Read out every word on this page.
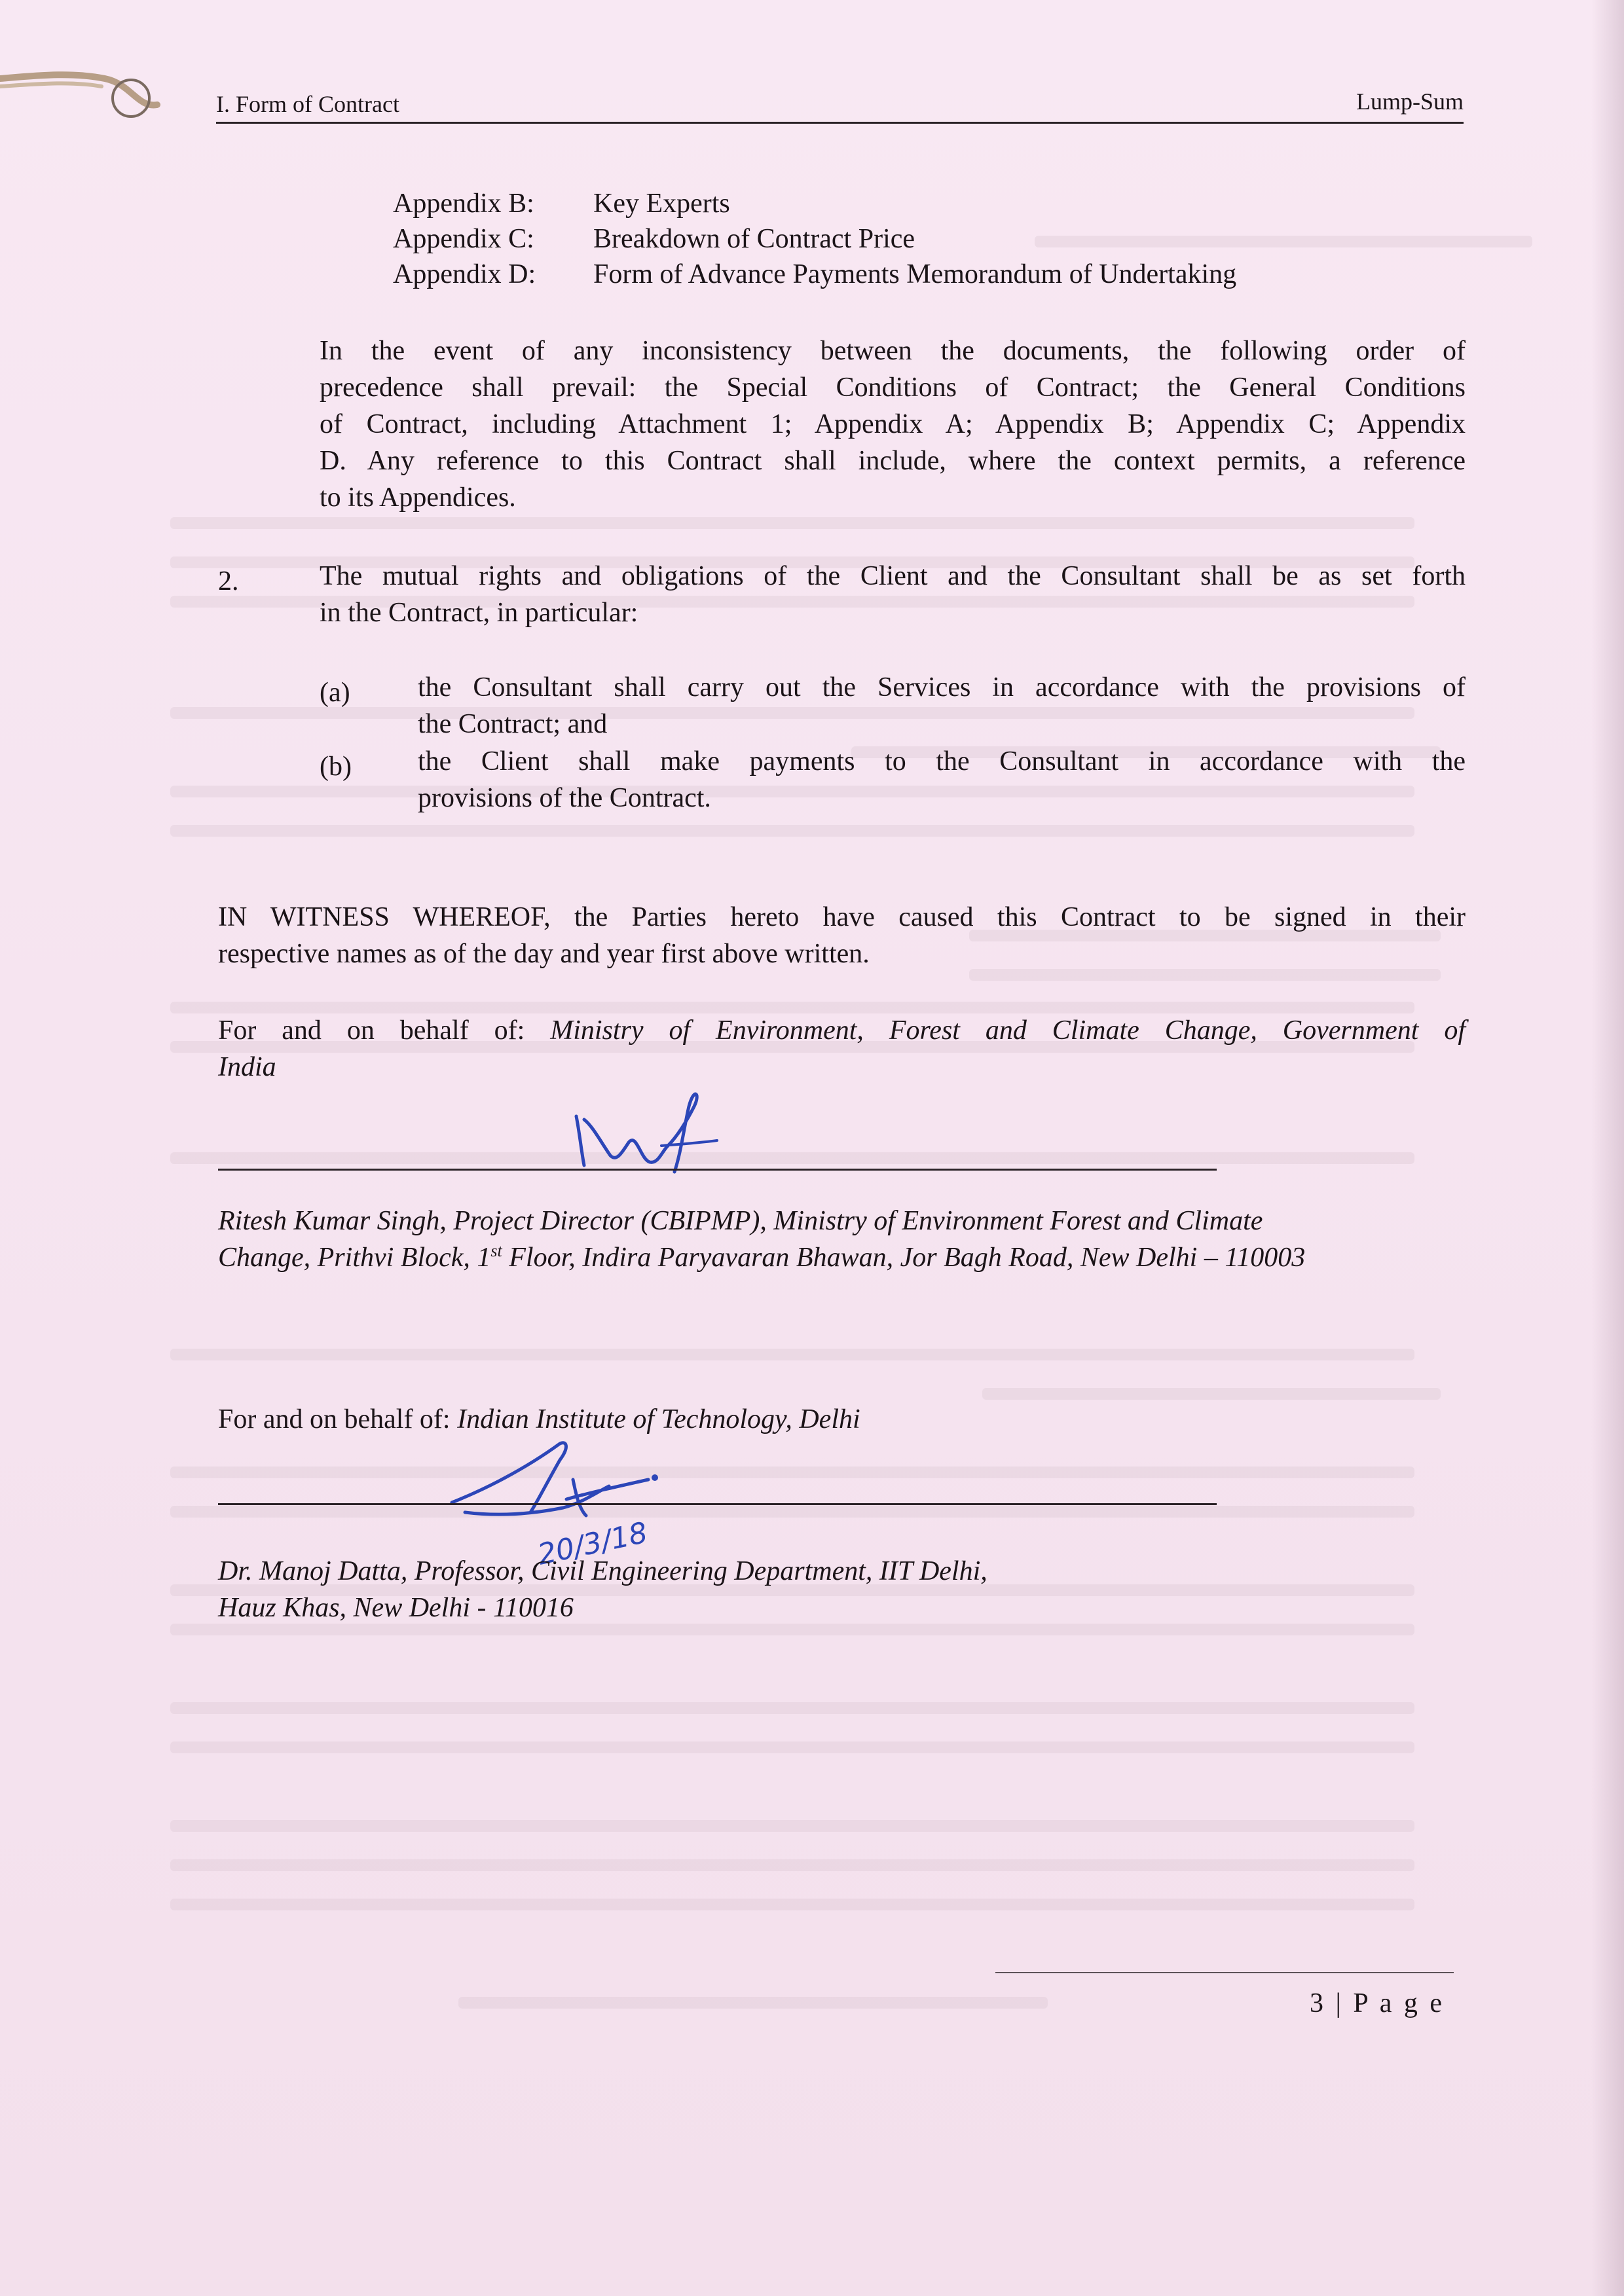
I. Form of Contract	Lump-Sum
Appendix B: Key Experts
Appendix C: Breakdown of Contract Price
Appendix D: Form of Advance Payments Memorandum of Undertaking
In the event of any inconsistency between the documents, the following order of
precedence shall prevail: the Special Conditions of Contract; the General Conditions
of Contract, including Attachment 1; Appendix A; Appendix B; Appendix C; Appendix
D. Any reference to this Contract shall include, where the context permits, a reference
to its Appendices.
2.	The mutual rights and obligations of the Client and the Consultant shall be as set forth
in the Contract, in particular:
(a) the Consultant shall carry out the Services in accordance with the provisions of
the Contract; and
(b) the Client shall make payments to the Consultant in accordance with the
provisions of the Contract.
IN WITNESS WHEREOF, the Parties hereto have caused this Contract to be signed in their
respective names as of the day and year first above written.
For and on behalf of: Ministry of Environment, Forest and Climate Change, Government of
India
Ritesh Kumar Singh, Project Director (CBIPMP), Ministry of Environment Forest and Climate
Change, Prithvi Block, 1st Floor, Indira Paryavaran Bhawan, Jor Bagh Road, New Delhi – 110003
For and on behalf of: Indian Institute of Technology, Delhi
20/3/18
Dr. Manoj Datta, Professor, Civil Engineering Department, IIT Delhi,
Hauz Khas, New Delhi - 110016
3 | P a g e
